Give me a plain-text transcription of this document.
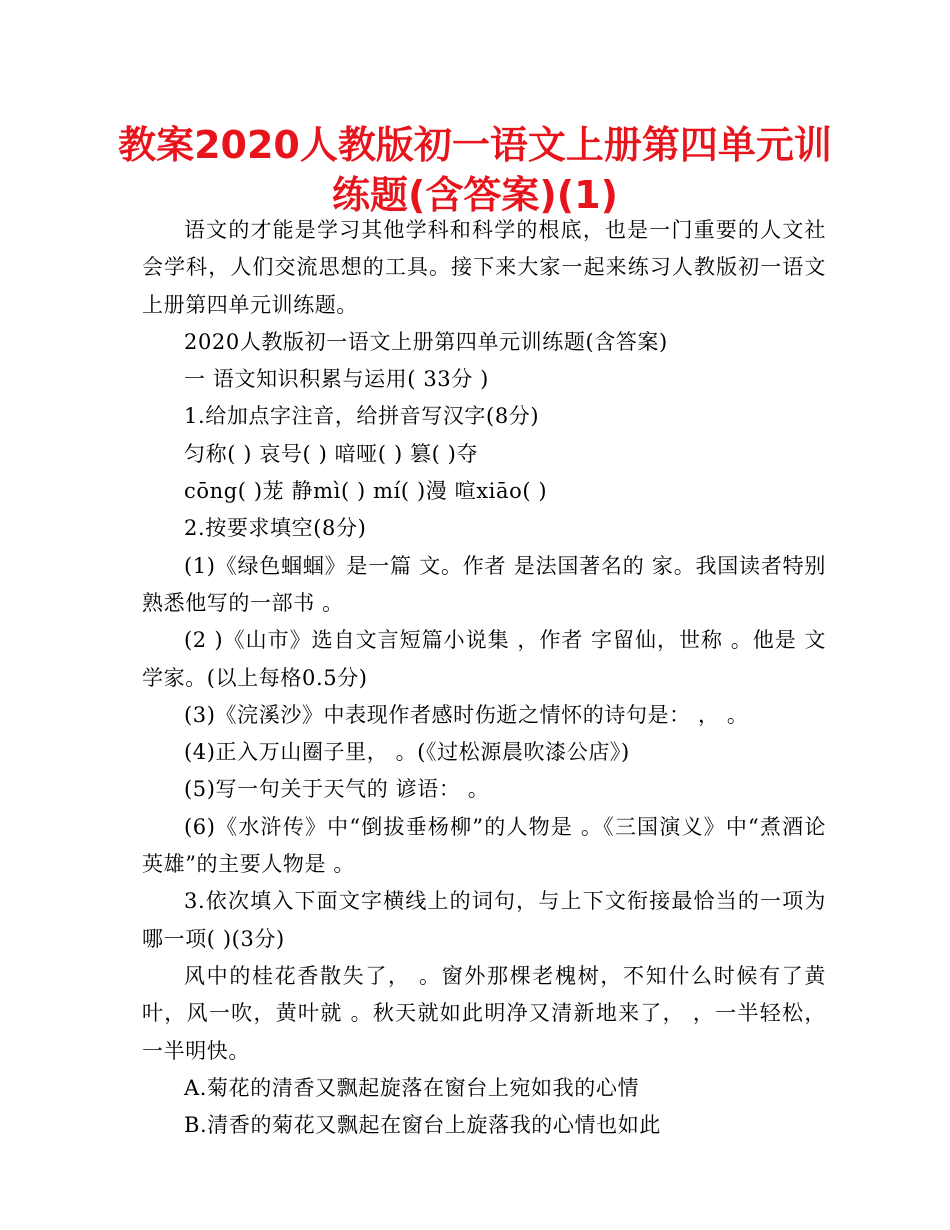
教案2020人教版初一语文上册第四单元训练题(含答案)(1)

语文的才能是学习其他学科和科学的根底，也是一门重要的人文社会学科，人们交流思想的工具。接下来大家一起来练习人教版初一语文上册第四单元训练题。

2020人教版初一语文上册第四单元训练题(含答案)

一 语文知识积累与运用( 33分 )

1.给加点字注音，给拼音写汉字(8分)

匀称( ) 哀号( ) 喑哑( ) 篡( )夺

cōng( )茏 静mì( ) mí( )漫 喧xiāo( )

2.按要求填空(8分)

(1)《绿色蝈蝈》是一篇 文。作者 是法国著名的 家。我国读者特别熟悉他写的一部书 。

(2 )《山市》选自文言短篇小说集 ，作者 字留仙，世称 。他是 文学家。(以上每格0.5分)

(3)《浣溪沙》中表现作者感时伤逝之情怀的诗句是： ， 。

(4)正入万山圈子里， 。(《过松源晨吹漆公店》)

(5)写一句关于天气的 谚语： 。

(6)《水浒传》中“倒拔垂杨柳”的人物是 。《三国演义》中“煮酒论英雄”的主要人物是 。

3.依次填入下面文字横线上的词句，与上下文衔接最恰当的一项为哪一项( )(3分)

风中的桂花香散失了， 。窗外那棵老槐树，不知什么时候有了黄叶，风一吹，黄叶就 。秋天就如此明净又清新地来了， ，一半轻松，一半明快。

A.菊花的清香又飘起旋落在窗台上宛如我的心情

B.清香的菊花又飘起在窗台上旋落我的心情也如此
